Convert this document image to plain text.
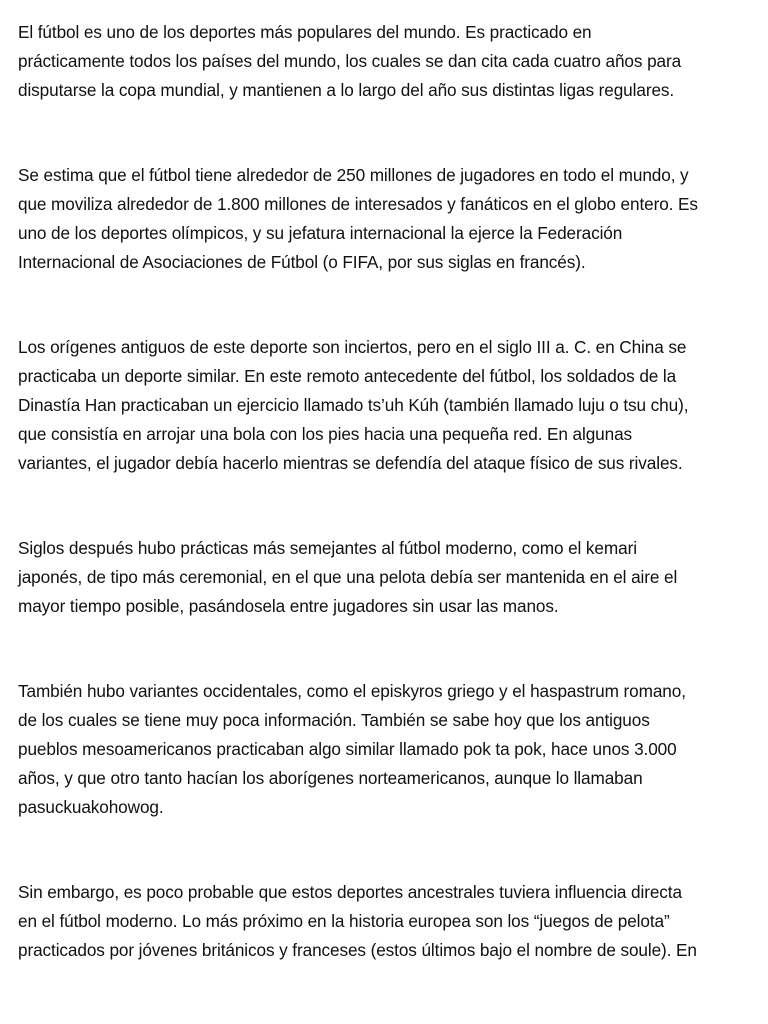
El fútbol es uno de los deportes más populares del mundo. Es practicado en
prácticamente todos los países del mundo, los cuales se dan cita cada cuatro años para
disputarse la copa mundial, y mantienen a lo largo del año sus distintas ligas regulares.

Se estima que el fútbol tiene alrededor de 250 millones de jugadores en todo el mundo, y
que moviliza alrededor de 1.800 millones de interesados y fanáticos en el globo entero. Es
uno de los deportes olímpicos, y su jefatura internacional la ejerce la Federación
Internacional de Asociaciones de Fútbol (o FIFA, por sus siglas en francés).

Los orígenes antiguos de este deporte son inciertos, pero en el siglo III a. C. en China se
practicaba un deporte similar. En este remoto antecedente del fútbol, los soldados de la
Dinastía Han practicaban un ejercicio llamado ts’uh Kúh (también llamado luju o tsu chu),
que consistía en arrojar una bola con los pies hacia una pequeña red. En algunas
variantes, el jugador debía hacerlo mientras se defendía del ataque físico de sus rivales.

Siglos después hubo prácticas más semejantes al fútbol moderno, como el kemari
japonés, de tipo más ceremonial, en el que una pelota debía ser mantenida en el aire el
mayor tiempo posible, pasándosela entre jugadores sin usar las manos.

También hubo variantes occidentales, como el episkyros griego y el haspastrum romano,
de los cuales se tiene muy poca información. También se sabe hoy que los antiguos
pueblos mesoamericanos practicaban algo similar llamado pok ta pok, hace unos 3.000
años, y que otro tanto hacían los aborígenes norteamericanos, aunque lo llamaban
pasuckuakohowog.

Sin embargo, es poco probable que estos deportes ancestrales tuviera influencia directa
en el fútbol moderno. Lo más próximo en la historia europea son los “juegos de pelota”
practicados por jóvenes británicos y franceses (estos últimos bajo el nombre de soule). En
